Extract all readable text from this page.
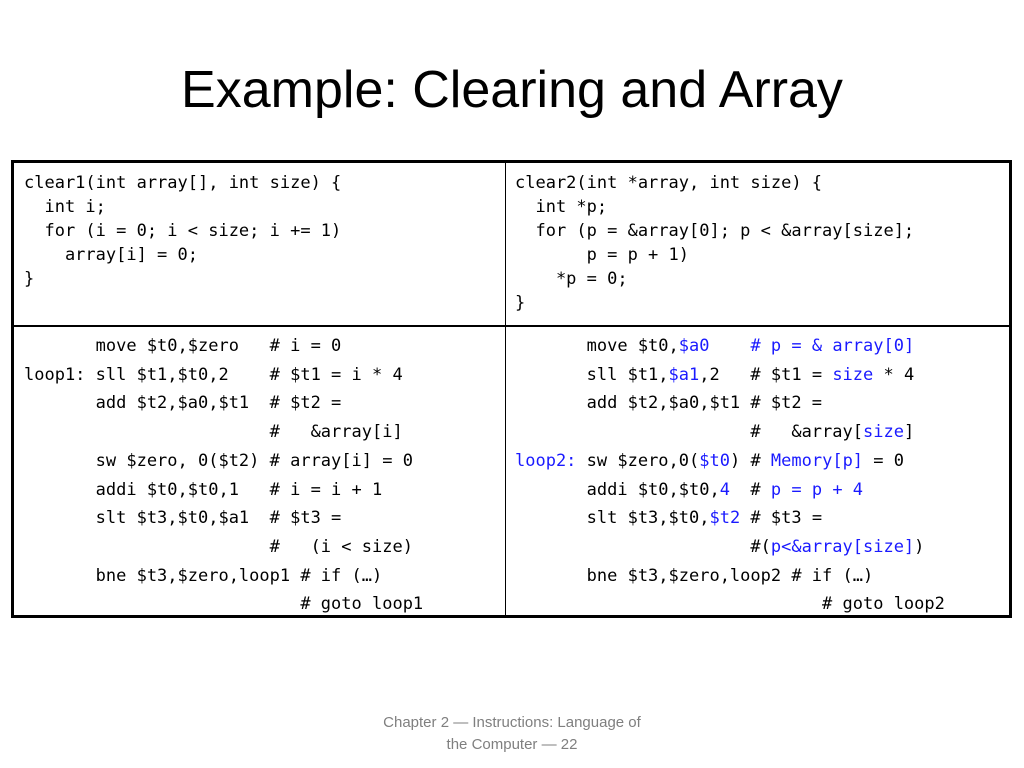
Example: Clearing and Array
clear1(int array[], int size) {
int i;
for (i = 0; i < size; i += 1)
array[i] = 0;
}
clear2(int *array, int size) {
int *p;
for (p = &array[0]; p < &array[size];
p = p + 1)
*p = 0;
}
move $t0,$zero   # i = 0
loop1: sll $t1,$t0,2    # $t1 = i * 4
add $t2,$a0,$t1  # $t2 =
#   &array[i]
sw $zero, 0($t2) # array[i] = 0
addi $t0,$t0,1   # i = i + 1
slt $t3,$t0,$a1  # $t3 =
#   (i < size)
bne $t3,$zero,loop1 # if (…)
# goto loop1
move $t0,$a0 # p = & array[0]
sll $t1,$a1,2   # $t1 = size * 4
add $t2,$a0,$t1 # $t2 =
#   &array[size]
loop2: sw $zero,0($t0) # Memory[p] = 0
addi $t0,$t0,4  # p = p + 4
slt $t3,$t0,$t2 # $t3 =
#(p<&array[size])
bne $t3,$zero,loop2 # if (…)
# goto loop2
Chapter 2 — Instructions: Language of
the Computer — 22
